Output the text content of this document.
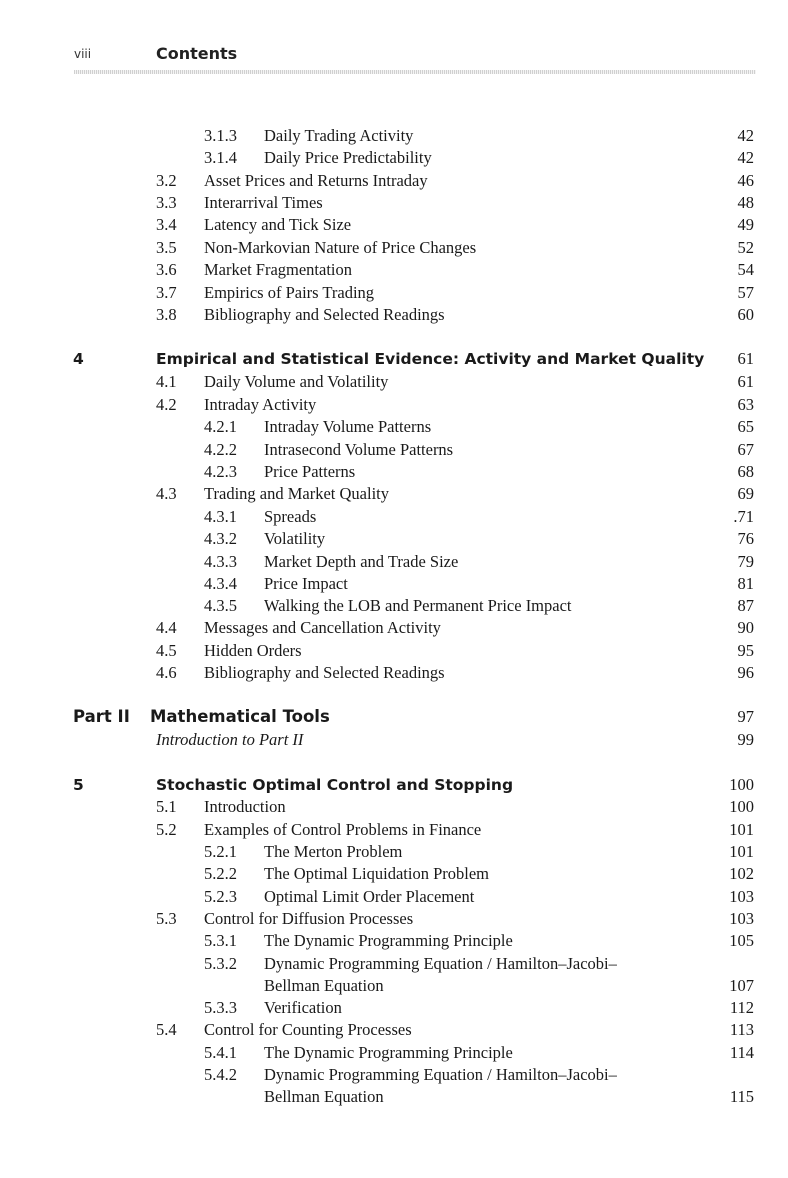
viii	Contents
3.1.3 Daily Trading Activity	42
3.1.4 Daily Price Predictability	42
3.2 Asset Prices and Returns Intraday	46
3.3 Interarrival Times	48
3.4 Latency and Tick Size	49
3.5 Non-Markovian Nature of Price Changes	52
3.6 Market Fragmentation	54
3.7 Empirics of Pairs Trading	57
3.8 Bibliography and Selected Readings	60
4	Empirical and Statistical Evidence: Activity and Market Quality 61
4.1 Daily Volume and Volatility	61
4.2 Intraday Activity	63
4.2.1 Intraday Volume Patterns	65
4.2.2 Intrasecond Volume Patterns	67
4.2.3 Price Patterns	68
4.3 Trading and Market Quality	69
4.3.1 Spreads	.71
4.3.2 Volatility	76
4.3.3 Market Depth and Trade Size	79
4.3.4 Price Impact	81
4.3.5 Walking the LOB and Permanent Price Impact	87
4.4 Messages and Cancellation Activity	90
4.5 Hidden Orders	95
4.6 Bibliography and Selected Readings	96
Part II Mathematical Tools	97
Introduction to Part II	99
5	Stochastic Optimal Control and Stopping	100
5.1 Introduction	100
5.2 Examples of Control Problems in Finance	101
5.2.1 The Merton Problem	101
5.2.2 The Optimal Liquidation Problem	102
5.2.3 Optimal Limit Order Placement	103
5.3 Control for Diffusion Processes	103
5.3.1 The Dynamic Programming Principle	105
5.3.2 Dynamic Programming Equation / Hamilton–Jacobi–
Bellman Equation	107
5.3.3 Verification	112
5.4 Control for Counting Processes	113
5.4.1 The Dynamic Programming Principle	114
5.4.2 Dynamic Programming Equation / Hamilton–Jacobi–
Bellman Equation	115
